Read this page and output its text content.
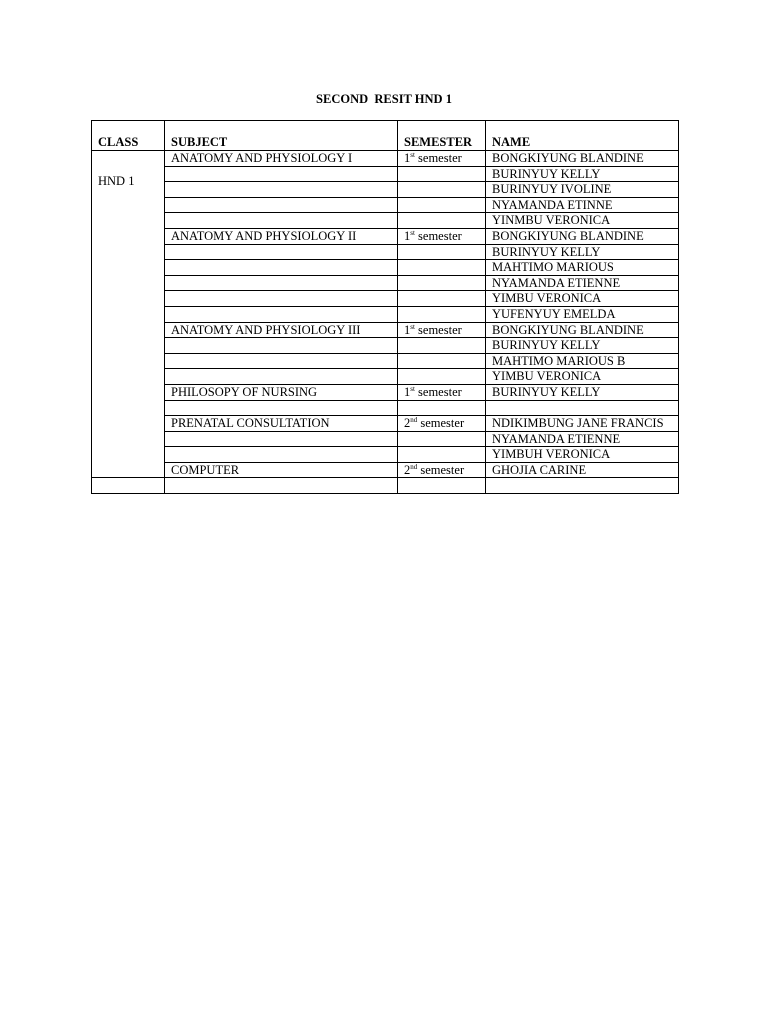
SECOND  RESIT HND 1
CLASS	SUBJECT	SEMESTER	NAME
HND 1	ANATOMY AND PHYSIOLOGY I	1st semester	BONGKIYUNG BLANDINE
			BURINYUY KELLY
			BURINYUY IVOLINE
			NYAMANDA ETINNE
			YINMBU VERONICA
	ANATOMY AND PHYSIOLOGY II	1st semester	BONGKIYUNG BLANDINE
			BURINYUY KELLY
			MAHTIMO MARIOUS
			NYAMANDA ETIENNE
			YIMBU VERONICA
			YUFENYUY EMELDA
	ANATOMY AND PHYSIOLOGY III	1st semester	BONGKIYUNG BLANDINE
			BURINYUY KELLY
			MAHTIMO MARIOUS B
			YIMBU VERONICA
	PHILOSOPY OF NURSING	1st semester	BURINYUY KELLY

	PRENATAL CONSULTATION	2nd semester	NDIKIMBUNG JANE FRANCIS
			NYAMANDA ETIENNE
			YIMBUH VERONICA
	COMPUTER	2nd semester	GHOJIA CARINE
